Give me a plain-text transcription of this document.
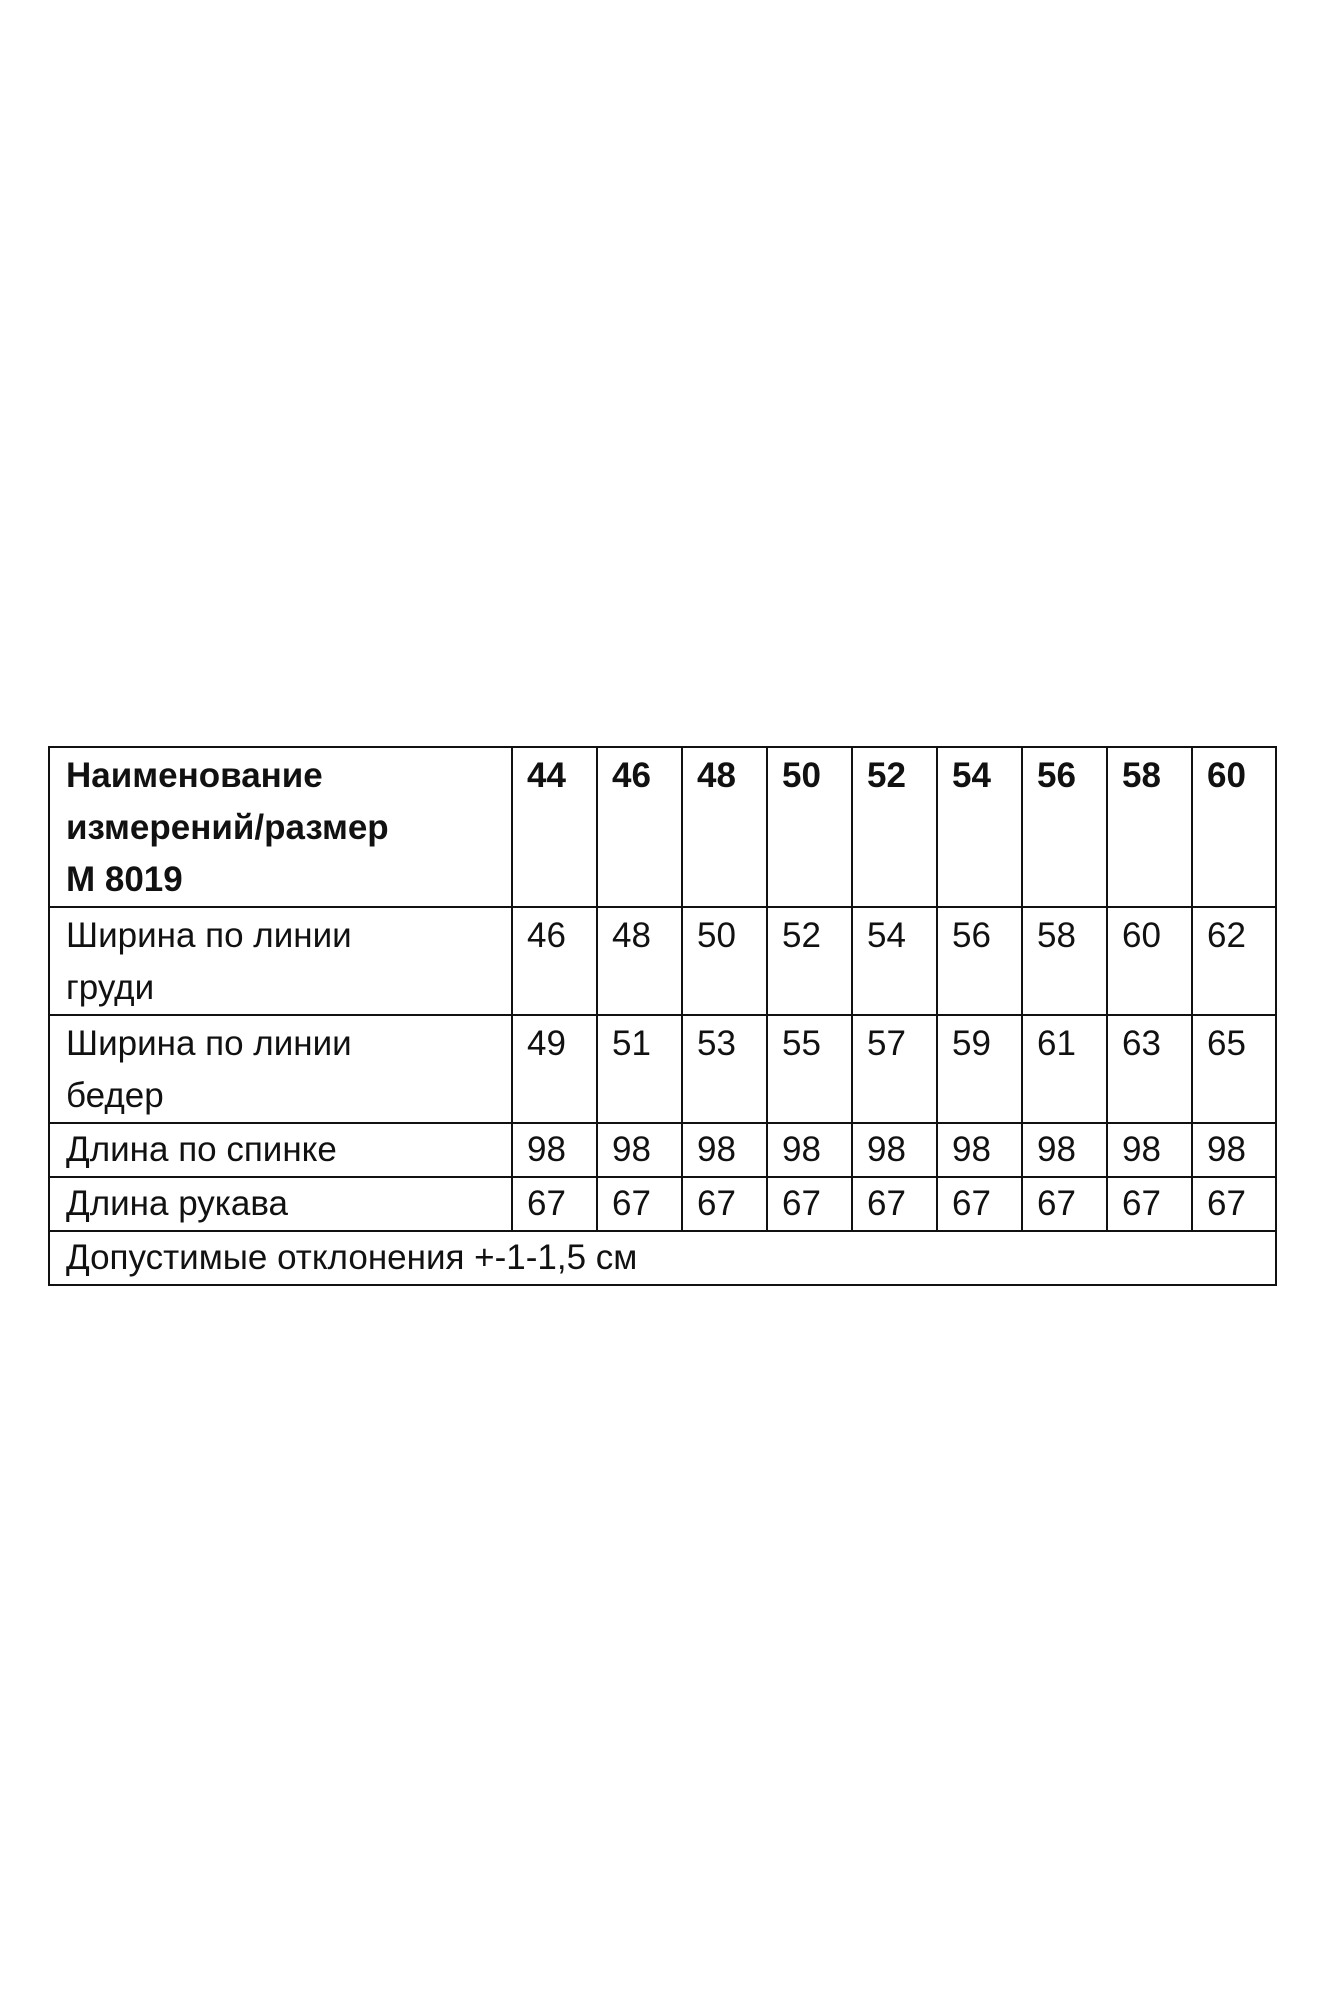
Наименование
измерений/размер
М 8019	44	46	48	50	52	54	56	58	60

Ширина по линии
груди	46	48	50	52	54	56	58	60	62

Ширина по линии
бедер	49	51	53	55	57	59	61	63	65
Длина по спинке	98	98	98	98	98	98	98	98	98
Длина рукава	67	67	67	67	67	67	67	67	67
Допустимые отклонения +-1-1,5 см									
